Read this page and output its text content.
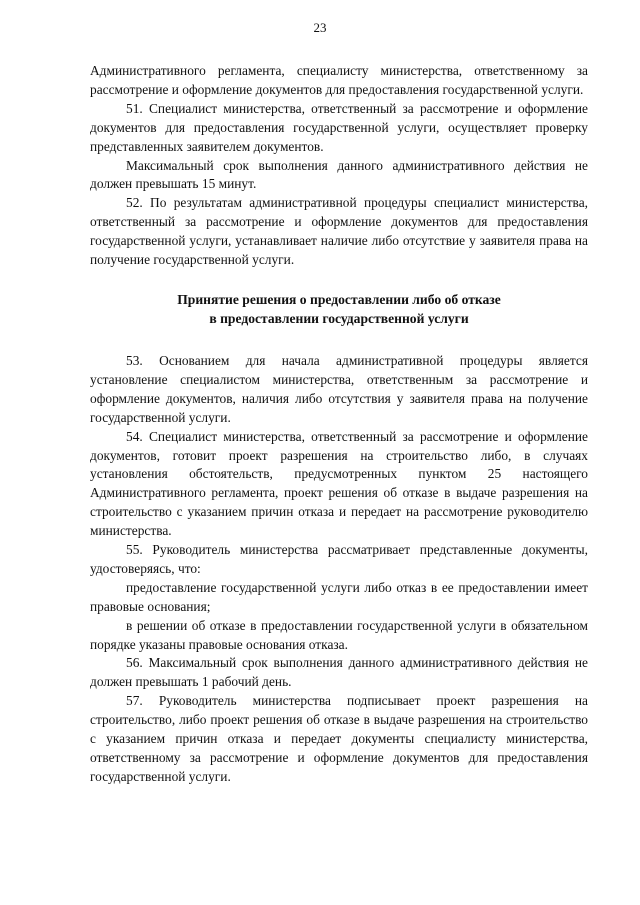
23

Административного регламента, специалисту министерства, ответственному за рассмотрение и оформление документов для предоставления государственной услуги.

51. Специалист министерства, ответственный за рассмотрение и оформление документов для предоставления государственной услуги, осуществляет проверку представленных заявителем документов.

Максимальный срок выполнения данного административного действия не должен превышать 15 минут.

52. По результатам административной процедуры специалист министерства, ответственный за рассмотрение и оформление документов для предоставления государственной услуги, устанавливает наличие либо отсутствие у заявителя права на получение государственной услуги.

Принятие решения о предоставлении либо об отказе
в предоставлении государственной услуги

53. Основанием для начала административной процедуры является установление специалистом министерства, ответственным за рассмотрение и оформление документов, наличия либо отсутствия у заявителя права на получение государственной услуги.

54. Специалист министерства, ответственный за рассмотрение и оформление документов, готовит проект разрешения на строительство либо, в случаях установления обстоятельств, предусмотренных пунктом 25 настоящего Административного регламента, проект решения об отказе в выдаче разрешения на строительство с указанием причин отказа и передает на рассмотрение руководителю министерства.

55. Руководитель министерства рассматривает представленные документы, удостоверяясь, что:

предоставление государственной услуги либо отказ в ее предоставлении имеет правовые основания;

в решении об отказе в предоставлении государственной услуги в обязательном порядке указаны правовые основания отказа.

56. Максимальный срок выполнения данного административного действия не должен превышать 1 рабочий день.

57. Руководитель министерства подписывает проект разрешения на строительство, либо проект решения об отказе в выдаче разрешения на строительство с указанием причин отказа и передает документы специалисту министерства, ответственному за рассмотрение и оформление документов для предоставления государственной услуги.
